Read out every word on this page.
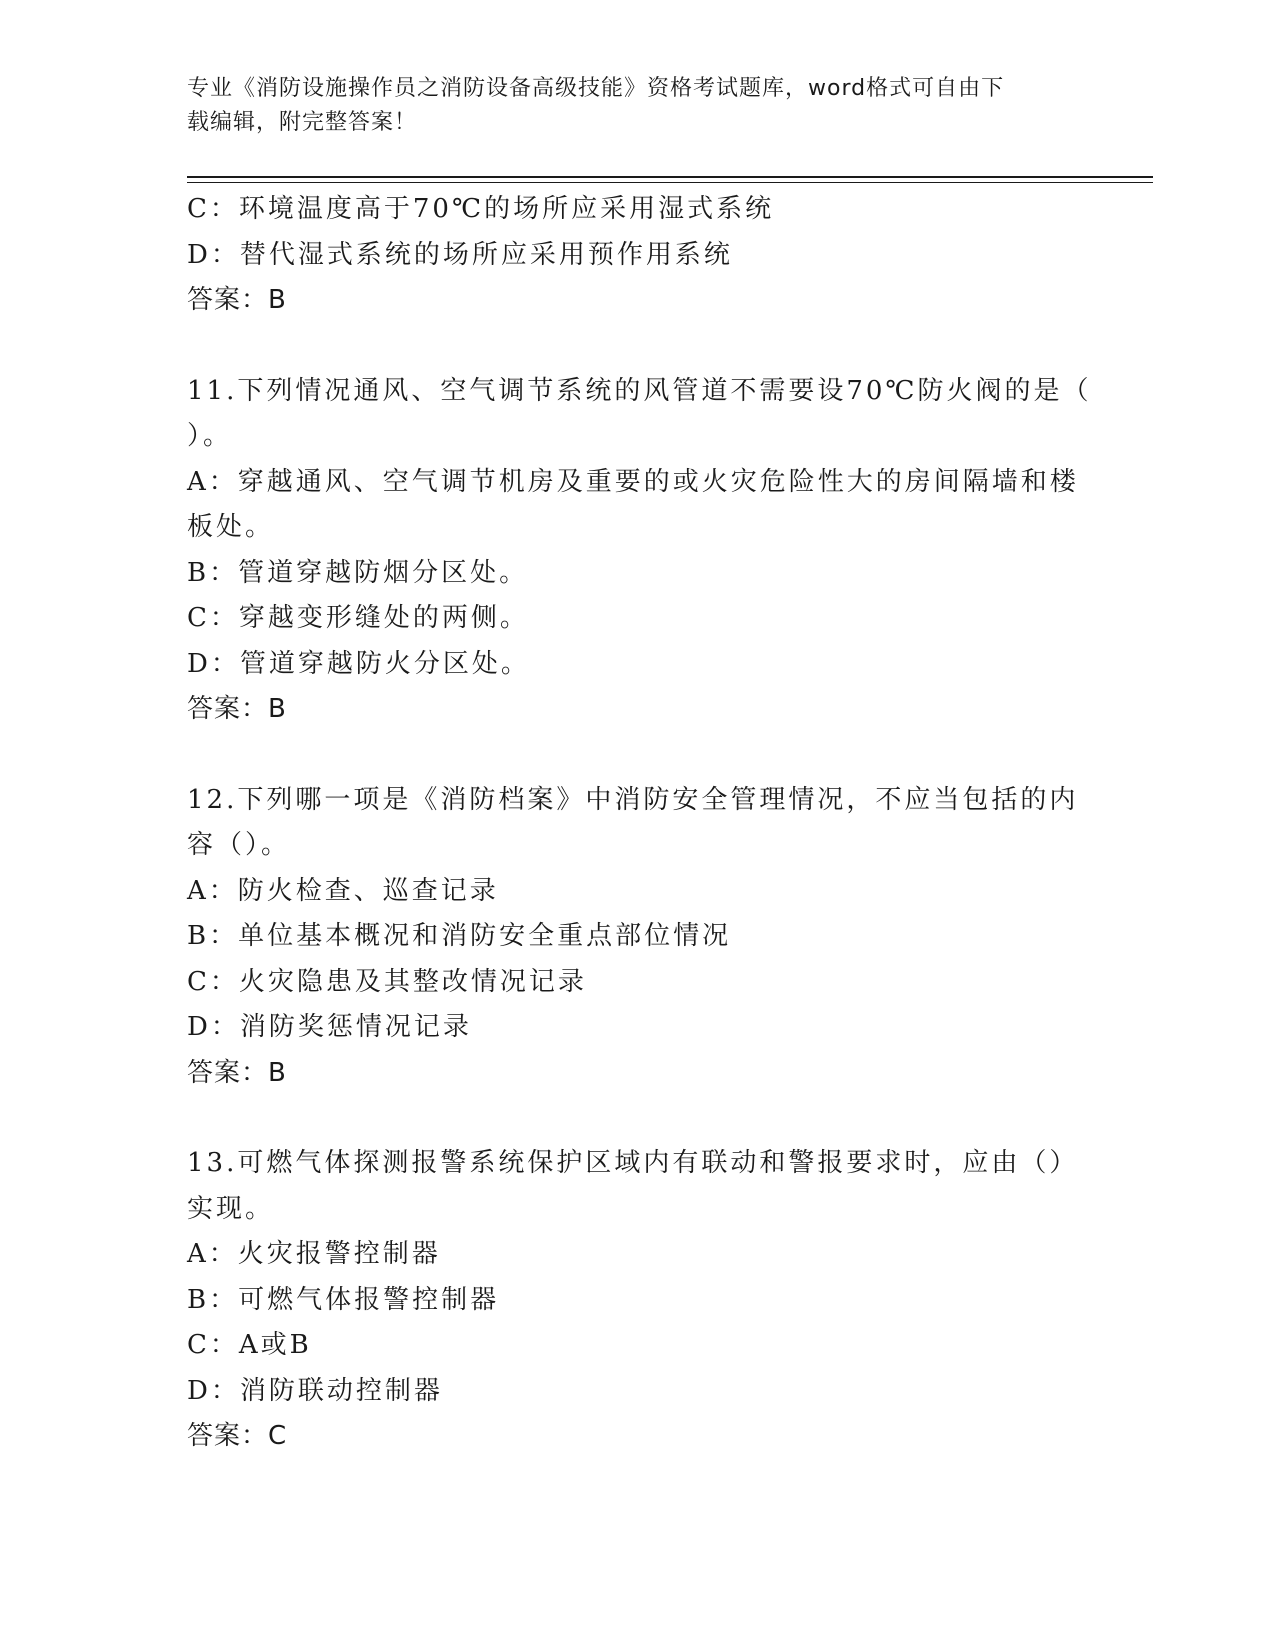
专业《消防设施操作员之消防设备高级技能》资格考试题库，word格式可自由下
载编辑，附完整答案！
C：环境温度高于70℃的场所应采用湿式系统
D：替代湿式系统的场所应采用预作用系统
答案：B
11.下列情况通风、空气调节系统的风管道不需要设70℃防火阀的是（
）。
A：穿越通风、空气调节机房及重要的或火灾危险性大的房间隔墙和楼
板处。
B：管道穿越防烟分区处。
C：穿越变形缝处的两侧。
D：管道穿越防火分区处。
答案：B
12.下列哪一项是《消防档案》中消防安全管理情况，不应当包括的内
容（）。
A：防火检查、巡查记录
B：单位基本概况和消防安全重点部位情况
C：火灾隐患及其整改情况记录
D：消防奖惩情况记录
答案：B
13.可燃气体探测报警系统保护区域内有联动和警报要求时，应由（）
实现。
A：火灾报警控制器
B：可燃气体报警控制器
C：A或B
D：消防联动控制器
答案：C
